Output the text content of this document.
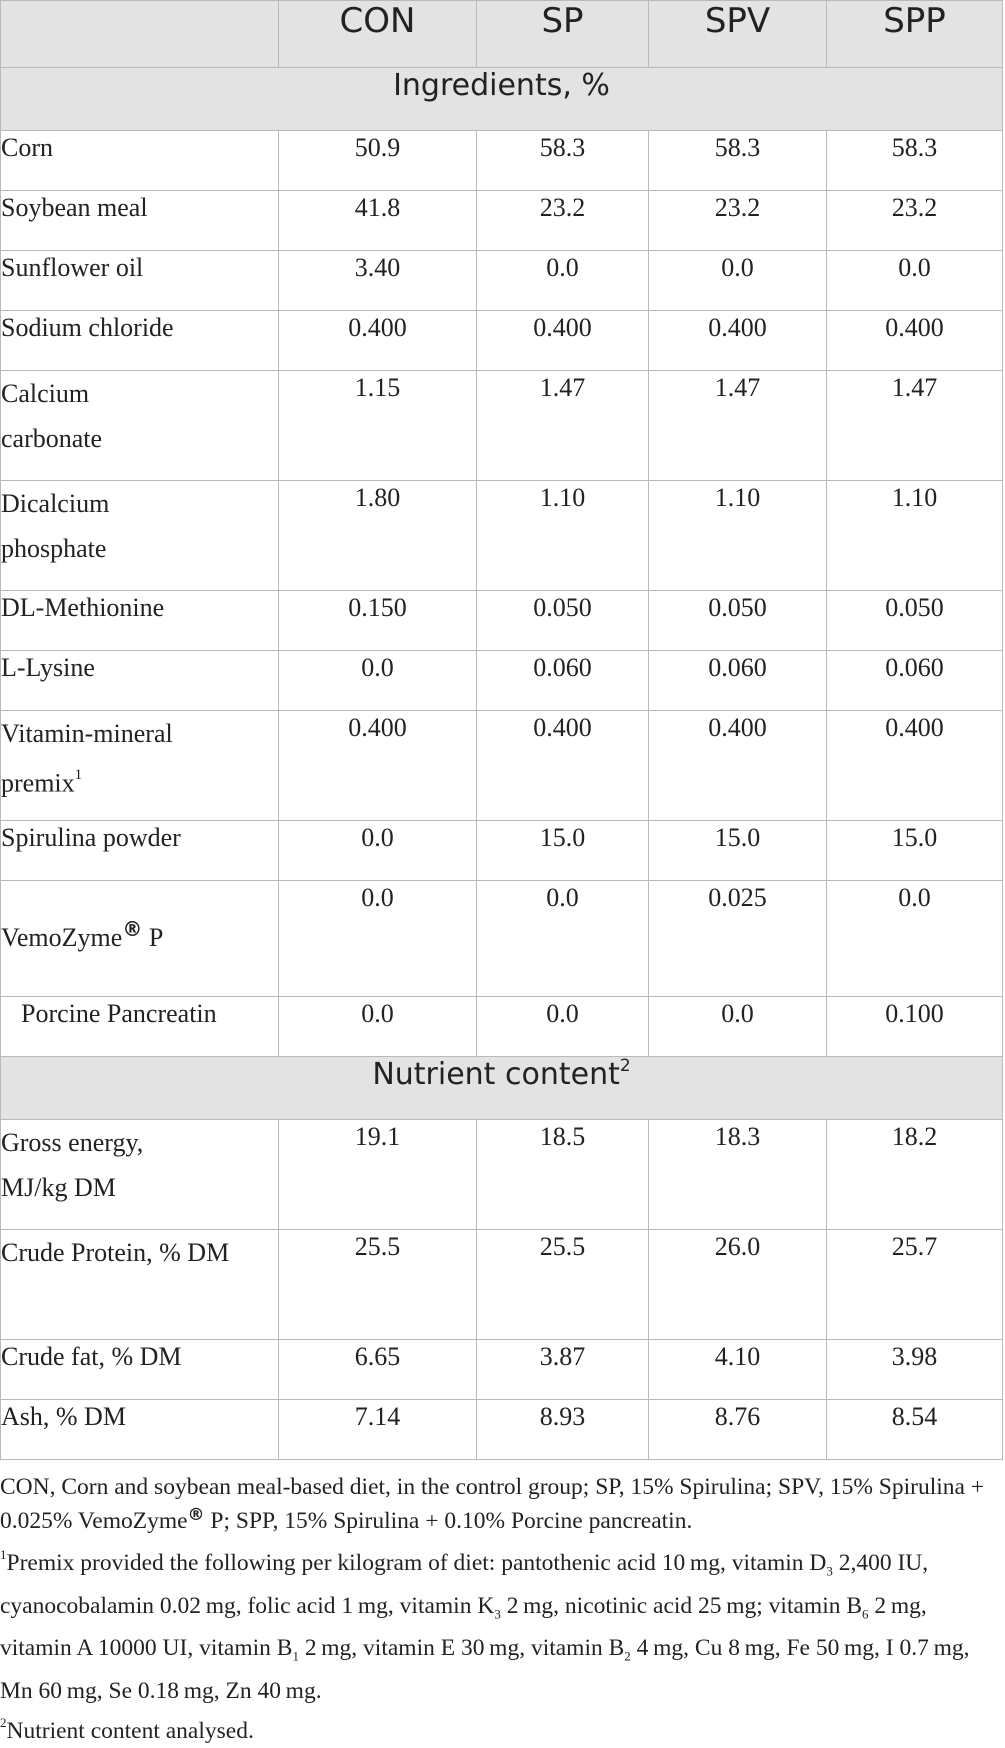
	CON	SP	SPV	SPP
Ingredients, %				
Corn	50.9	58.3	58.3	58.3
Soybean meal	41.8	23.2	23.2	23.2
Sunflower oil	3.40	0.0	0.0	0.0
Sodium chloride	0.400	0.400	0.400	0.400
Calcium carbonate	1.15	1.47	1.47	1.47
Dicalcium phosphate	1.80	1.10	1.10	1.10
DL-Methionine	0.150	0.050	0.050	0.050
L-Lysine	0.0	0.060	0.060	0.060
Vitamin-mineral premix$^1$	0.400	0.400	0.400	0.400
Spirulina powder	0.0	15.0	15.0	15.0
VemoZyme® P	0.0	0.0	0.025	0.0
Porcine Pancreatin	0.0	0.0	0.0	0.100
Nutrient content$^2$
Gross energy, MJ/kg DM	19.1	18.5	18.3	18.2
Crude Protein, % DM	25.5	25.5	26.0	25.7
Crude fat, % DM	6.65	3.87	4.10	3.98
Ash, % DM	7.14	8.93	8.76	8.54

CON, Corn and soybean meal-based diet, in the control group; SP, 15% Spirulina; SPV, 15% Spirulina + 0.025% VemoZyme® P; SPP, 15% Spirulina + 0.10% Porcine pancreatin.

$^1$Premix provided the following per kilogram of diet: pantothenic acid 10 mg, vitamin $D_3$ 2,400 IU, cyanocobalamin 0.02 mg, folic acid 1 mg, vitamin $K_3$ 2 mg, nicotinic acid 25 mg; vitamin $B_6$ 2 mg, vitamin A 10000 UI, vitamin $B_1$ 2 mg, vitamin E 30 mg, vitamin $B_2$ 4 mg, Cu 8 mg, Fe 50 mg, I 0.7 mg, Mn 60 mg, Se 0.18 mg, Zn 40 mg.

$^2$Nutrient content analysed.
